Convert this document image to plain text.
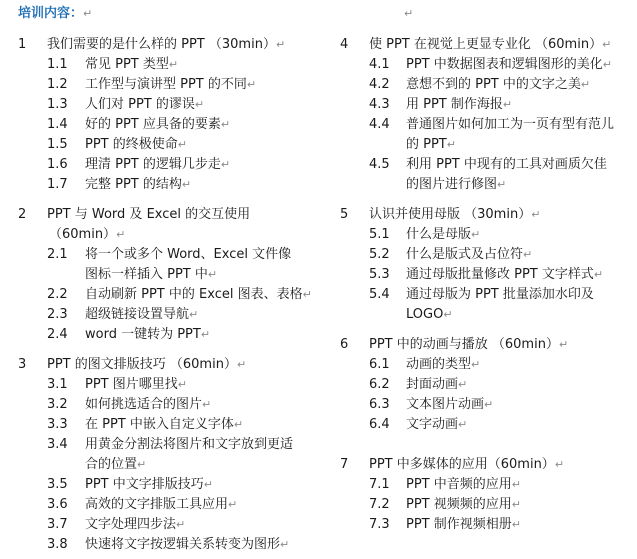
培训内容：↵	↵
1 我们需要的是什么样的 PPT （30min）↵
1.1 常见 PPT 类型↵
1.2 工作型与演讲型 PPT 的不同↵
1.3 人们对 PPT 的谬误↵
1.4 好的 PPT 应具备的要素↵
1.5 PPT 的终极使命↵
1.6 理清 PPT 的逻辑几步走↵
1.7 完整 PPT 的结构↵
2 PPT 与 Word 及 Excel 的交互使用
（60min）↵
2.1 将一个或多个 Word、Excel 文件像
图标一样插入 PPT 中↵
2.2 自动刷新 PPT 中的 Excel 图表、表格↵
2.3 超级链接设置导航↵
2.4 word 一键转为 PPT↵
3 PPT 的图文排版技巧 （60min）↵
3.1 PPT 图片哪里找↵
3.2 如何挑选适合的图片↵
3.3 在 PPT 中嵌入自定义字体↵
3.4 用黄金分割法将图片和文字放到更适
合的位置↵
3.5 PPT 中文字排版技巧↵
3.6 高效的文字排版工具应用↵
3.7 文字处理四步法↵
3.8 快速将文字按逻辑关系转变为图形↵
4 使 PPT 在视觉上更显专业化 （60min）↵
4.1 PPT 中数据图表和逻辑图形的美化↵
4.2 意想不到的 PPT 中的文字之美↵
4.3 用 PPT 制作海报↵
4.4 普通图片如何加工为一页有型有范儿
的 PPT↵
4.5 利用 PPT 中现有的工具对画质欠佳
的图片进行修图↵
5 认识并使用母版 （30min）↵
5.1 什么是母版↵
5.2 什么是版式及占位符↵
5.3 通过母版批量修改 PPT 文字样式↵
5.4 通过母版为 PPT 批量添加水印及
LOGO↵
6 PPT 中的动画与播放 （60min）↵
6.1 动画的类型↵
6.2 封面动画↵
6.3 文本图片动画↵
6.4 文字动画↵
7 PPT 中多媒体的应用（60min）↵
7.1 PPT 中音频的应用↵
7.2 PPT 视频频的应用↵
7.3 PPT 制作视频相册↵
